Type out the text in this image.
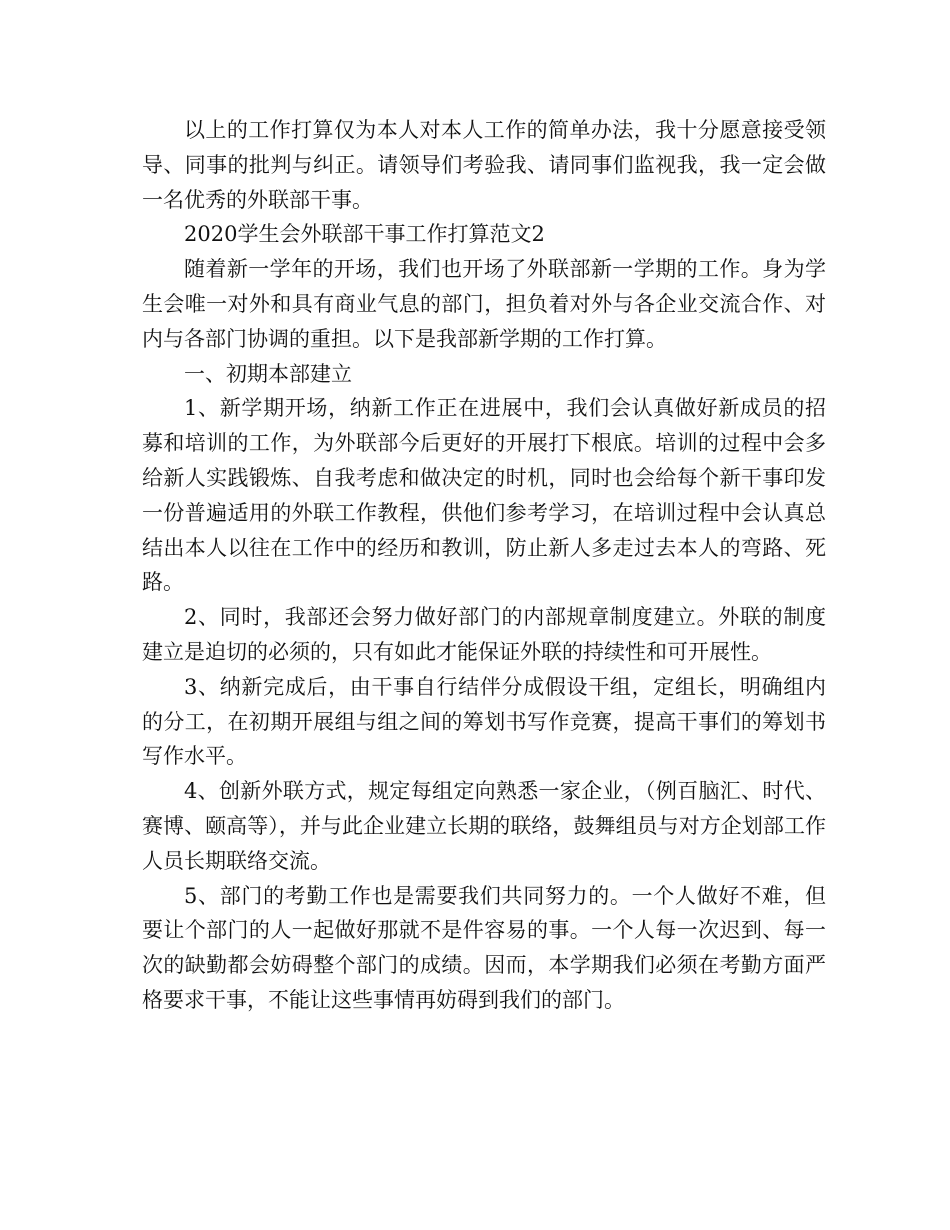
以上的工作打算仅为本人对本人工作的简单办法，我十分愿意接受领导、同事的批判与纠正。请领导们考验我、请同事们监视我，我一定会做一名优秀的外联部干事。

2020学生会外联部干事工作打算范文2

随着新一学年的开场，我们也开场了外联部新一学期的工作。身为学生会唯一对外和具有商业气息的部门，担负着对外与各企业交流合作、对内与各部门协调的重担。以下是我部新学期的工作打算。

一、初期本部建立

1、新学期开场，纳新工作正在进展中，我们会认真做好新成员的招募和培训的工作，为外联部今后更好的开展打下根底。培训的过程中会多给新人实践锻炼、自我考虑和做决定的时机，同时也会给每个新干事印发一份普遍适用的外联工作教程，供他们参考学习，在培训过程中会认真总结出本人以往在工作中的经历和教训，防止新人多走过去本人的弯路、死路。

2、同时，我部还会努力做好部门的内部规章制度建立。外联的制度建立是迫切的必须的，只有如此才能保证外联的持续性和可开展性。

3、纳新完成后，由干事自行结伴分成假设干组，定组长，明确组内的分工，在初期开展组与组之间的筹划书写作竞赛，提高干事们的筹划书写作水平。

4、创新外联方式，规定每组定向熟悉一家企业，（例百脑汇、时代、赛博、颐高等），并与此企业建立长期的联络，鼓舞组员与对方企划部工作人员长期联络交流。

5、部门的考勤工作也是需要我们共同努力的。一个人做好不难，但要让个部门的人一起做好那就不是件容易的事。一个人每一次迟到、每一次的缺勤都会妨碍整个部门的成绩。因而，本学期我们必须在考勤方面严格要求干事，不能让这些事情再妨碍到我们的部门。
